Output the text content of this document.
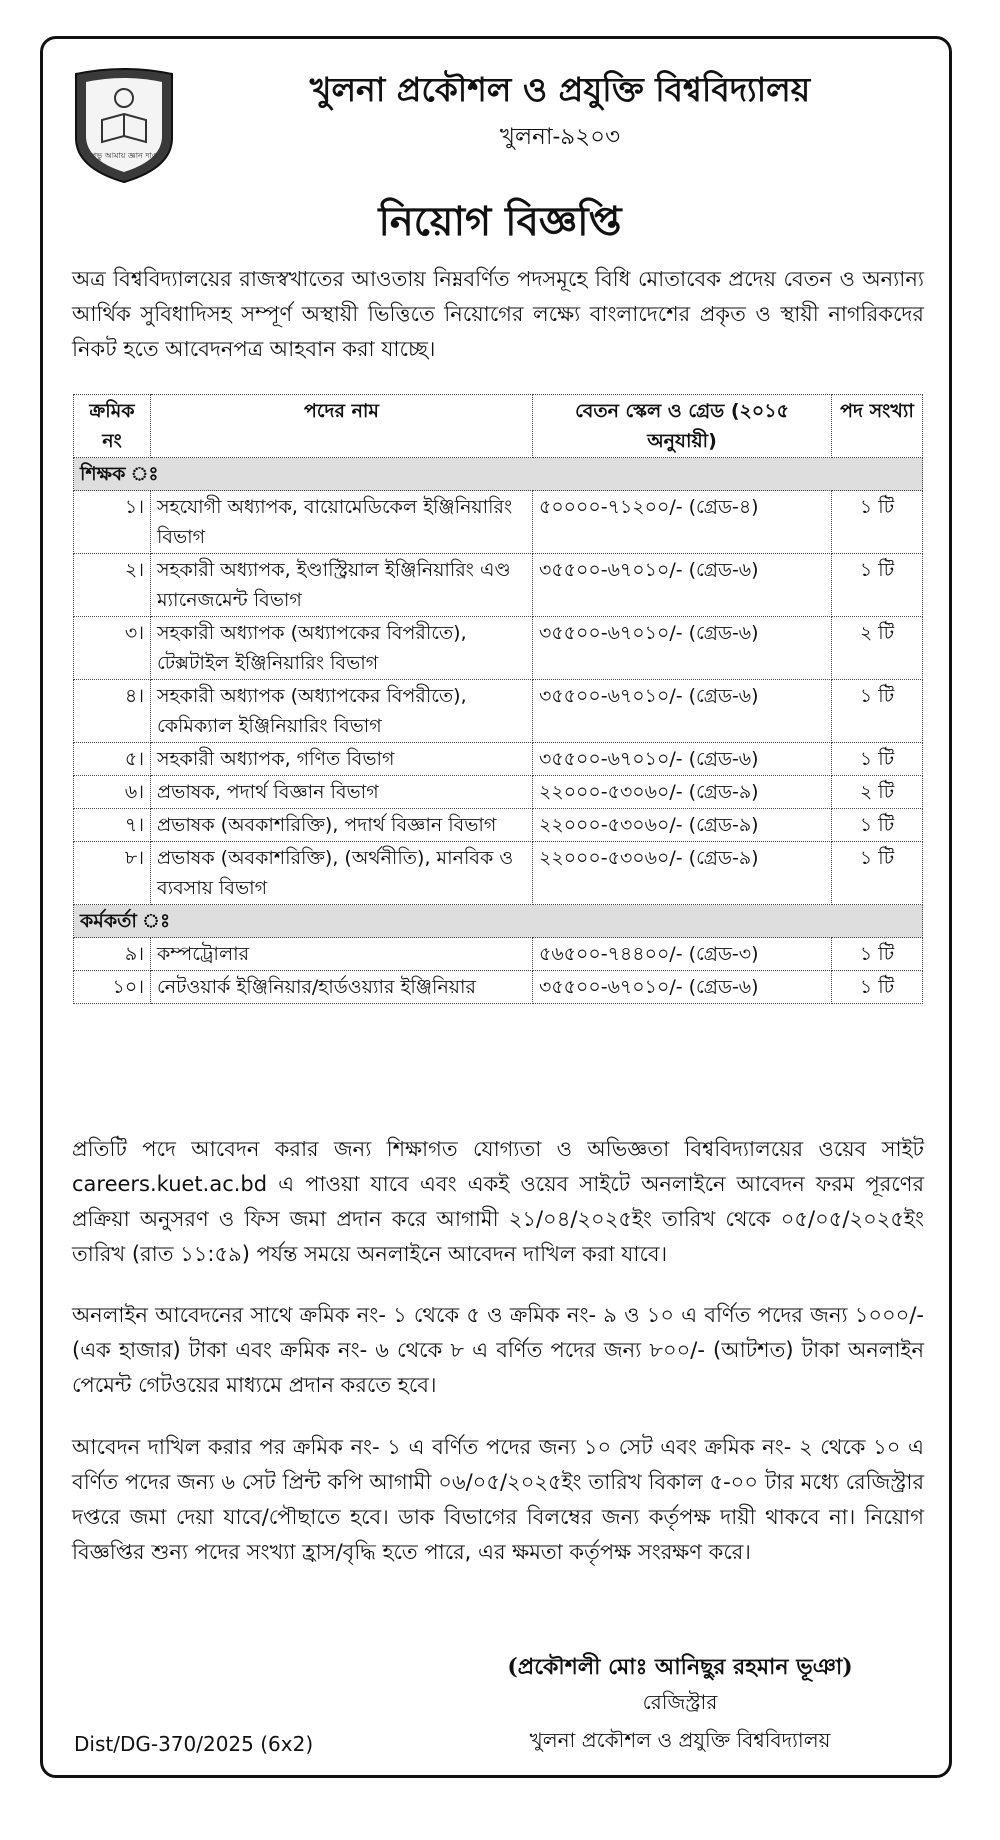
প্রভু আমায় জ্ঞান দাও
খুলনা প্রকৌশল ও প্রযুক্তি বিশ্ববিদ্যালয়
খুলনা-৯২০৩
নিয়োগ বিজ্ঞপ্তি
অত্র বিশ্ববিদ্যালয়ের রাজস্বখাতের আওতায় নিম্নবর্ণিত পদসমূহে বিধি মোতাবেক প্রদেয় বেতন ও অন্যান্য আর্থিক সুবিধাদিসহ সম্পূর্ণ অস্থায়ী ভিত্তিতে নিয়োগের লক্ষ্যে বাংলাদেশের প্রকৃত ও স্থায়ী নাগরিকদের নিকট হতে আবেদনপত্র আহবান করা যাচ্ছে।
ক্রমিক নং	পদের নাম	বেতন স্কেল ও গ্রেড (২০১৫ অনুযায়ী)	পদ সংখ্যা
শিক্ষক ঃ			
১।	সহযোগী অধ্যাপক, বায়োমেডিকেল ইঞ্জিনিয়ারিং বিভাগ	৫০০০০-৭১২০০/- (গ্রেড-৪)	১ টি
২।	সহকারী অধ্যাপক, ইণ্ডাস্ট্রিয়াল ইঞ্জিনিয়ারিং এণ্ড ম্যানেজমেন্ট বিভাগ	৩৫৫০০-৬৭০১০/- (গ্রেড-৬)	১ টি
৩।	সহকারী অধ্যাপক (অধ্যাপকের বিপরীতে), টেক্সটাইল ইঞ্জিনিয়ারিং বিভাগ	৩৫৫০০-৬৭০১০/- (গ্রেড-৬)	২ টি
৪।	সহকারী অধ্যাপক (অধ্যাপকের বিপরীতে), কেমিক্যাল ইঞ্জিনিয়ারিং বিভাগ	৩৫৫০০-৬৭০১০/- (গ্রেড-৬)	১ টি
৫।	সহকারী অধ্যাপক, গণিত বিভাগ	৩৫৫০০-৬৭০১০/- (গ্রেড-৬)	১ টি
৬।	প্রভাষক, পদার্থ বিজ্ঞান বিভাগ	২২০০০-৫৩০৬০/- (গ্রেড-৯)	২ টি
৭।	প্রভাষক (অবকাশরিক্তি), পদার্থ বিজ্ঞান বিভাগ	২২০০০-৫৩০৬০/- (গ্রেড-৯)	১ টি
৮।	প্রভাষক (অবকাশরিক্তি), (অর্থনীতি), মানবিক ও ব্যবসায় বিভাগ	২২০০০-৫৩০৬০/- (গ্রেড-৯)	১ টি
কর্মকর্তা ঃ			
৯।	কম্পট্রোলার	৫৬৫০০-৭৪৪০০/- (গ্রেড-৩)	১ টি
১০।	নেটওয়ার্ক ইঞ্জিনিয়ার/হার্ডওয়্যার ইঞ্জিনিয়ার	৩৫৫০০-৬৭০১০/- (গ্রেড-৬)	১ টি
প্রতিটি পদে আবেদন করার জন্য শিক্ষাগত যোগ্যতা ও অভিজ্ঞতা বিশ্ববিদ্যালয়ের ওয়েব সাইট careers.kuet.ac.bd এ পাওয়া যাবে এবং একই ওয়েব সাইটে অনলাইনে আবেদন ফরম পূরণের প্রক্রিয়া অনুসরণ ও ফিস জমা প্রদান করে আগামী ২১/০৪/২০২৫ইং তারিখ থেকে ০৫/০৫/২০২৫ইং তারিখ (রাত ১১:৫৯) পর্যন্ত সময়ে অনলাইনে আবেদন দাখিল করা যাবে।
অনলাইন আবেদনের সাথে ক্রমিক নং- ১ থেকে ৫ ও ক্রমিক নং- ৯ ও ১০ এ বর্ণিত পদের জন্য ১০০০/- (এক হাজার) টাকা এবং ক্রমিক নং- ৬ থেকে ৮ এ বর্ণিত পদের জন্য ৮০০/- (আটশত) টাকা অনলাইন পেমেন্ট গেটওয়ের মাধ্যমে প্রদান করতে হবে।
আবেদন দাখিল করার পর ক্রমিক নং- ১ এ বর্ণিত পদের জন্য ১০ সেট এবং ক্রমিক নং- ২ থেকে ১০ এ বর্ণিত পদের জন্য ৬ সেট প্রিন্ট কপি আগামী ০৬/০৫/২০২৫ইং তারিখ বিকাল ৫-০০ টার মধ্যে রেজিস্ট্রার দপ্তরে জমা দেয়া যাবে/পৌছাতে হবে। ডাক বিভাগের বিলম্বের জন্য কর্তৃপক্ষ দায়ী থাকবে না। নিয়োগ বিজ্ঞপ্তির শুন্য পদের সংখ্যা হ্রাস/বৃদ্ধি হতে পারে, এর ক্ষমতা কর্তৃপক্ষ সংরক্ষণ করে।
(প্রকৌশলী মোঃ আনিছুর রহমান ভূঞা)
রেজিস্ট্রার
খুলনা প্রকৌশল ও প্রযুক্তি বিশ্ববিদ্যালয়
Dist/DG-370/2025 (6x2)
